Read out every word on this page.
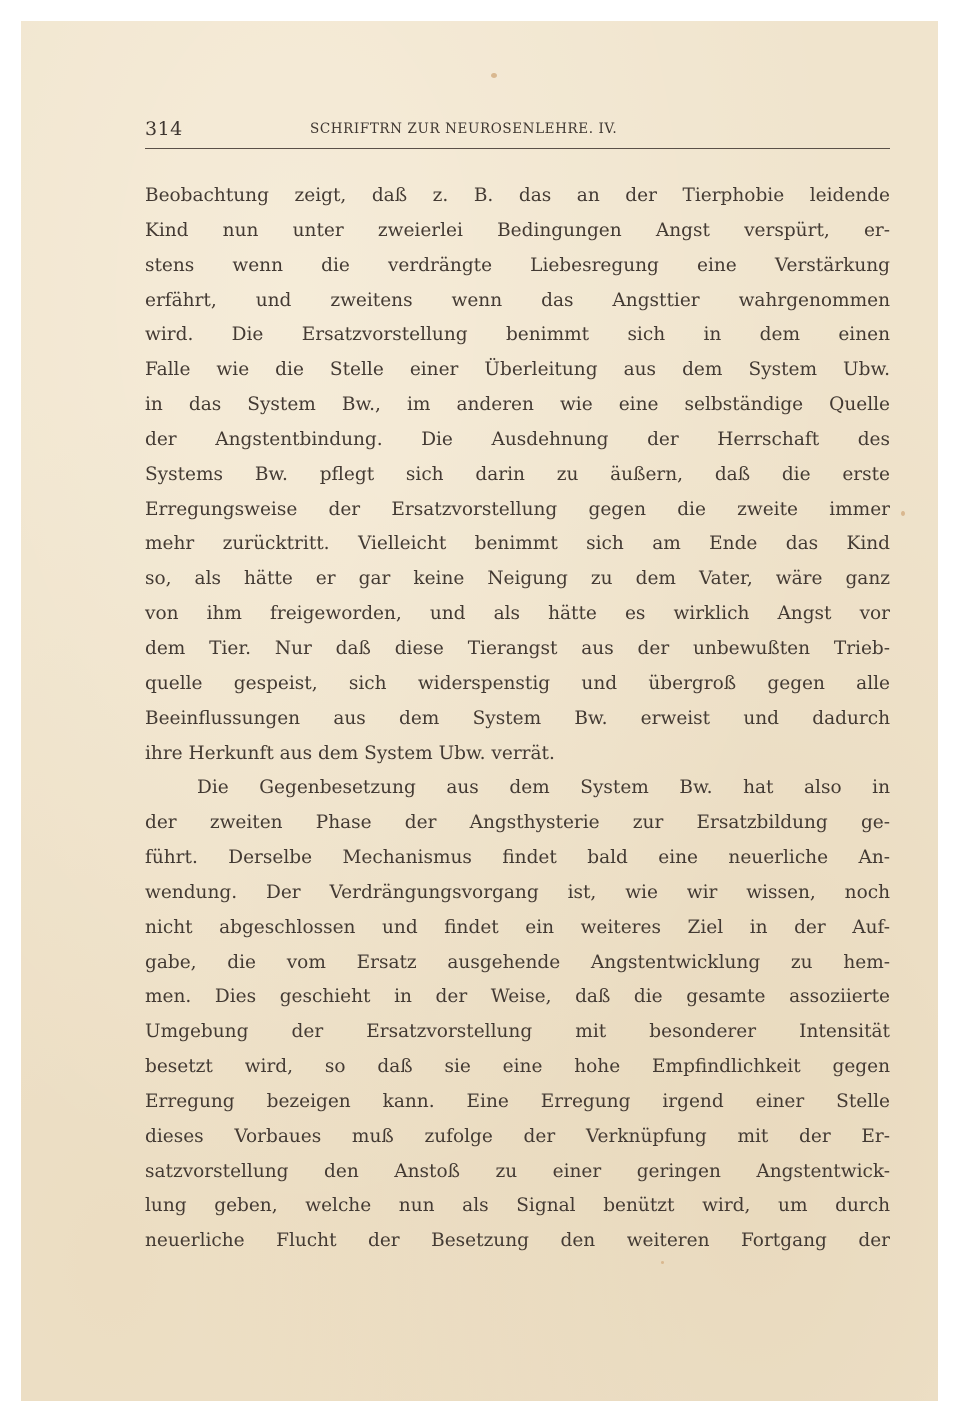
314	SCHRIFTRN ZUR NEUROSENLEHRE. IV.
Beobachtung zeigt, daß z. B. das an der Tierphobie leidende
Kind nun unter zweierlei Bedingungen Angst verspürt, er-
stens wenn die verdrängte Liebesregung eine Verstärkung
erfährt, und zweitens wenn das Angsttier wahrgenommen
wird. Die Ersatzvorstellung benimmt sich in dem einen
Falle wie die Stelle einer Überleitung aus dem System Ubw.
in das System Bw., im anderen wie eine selbständige Quelle
der Angstentbindung. Die Ausdehnung der Herrschaft des
Systems Bw. pflegt sich darin zu äußern, daß die erste
Erregungsweise der Ersatzvorstellung gegen die zweite immer
mehr zurücktritt. Vielleicht benimmt sich am Ende das Kind
so, als hätte er gar keine Neigung zu dem Vater, wäre ganz
von ihm freigeworden, und als hätte es wirklich Angst vor
dem Tier. Nur daß diese Tierangst aus der unbewußten Trieb-
quelle gespeist, sich widerspenstig und übergroß gegen alle
Beeinflussungen aus dem System Bw. erweist und dadurch
ihre Herkunft aus dem System Ubw. verrät.
Die Gegenbesetzung aus dem System Bw. hat also in
der zweiten Phase der Angsthysterie zur Ersatzbildung ge-
führt. Derselbe Mechanismus findet bald eine neuerliche An-
wendung. Der Verdrängungsvorgang ist, wie wir wissen, noch
nicht abgeschlossen und findet ein weiteres Ziel in der Auf-
gabe, die vom Ersatz ausgehende Angstentwicklung zu hem-
men. Dies geschieht in der Weise, daß die gesamte assoziierte
Umgebung der Ersatzvorstellung mit besonderer Intensität
besetzt wird, so daß sie eine hohe Empfindlichkeit gegen
Erregung bezeigen kann. Eine Erregung irgend einer Stelle
dieses Vorbaues muß zufolge der Verknüpfung mit der Er-
satzvorstellung den Anstoß zu einer geringen Angstentwick-
lung geben, welche nun als Signal benützt wird, um durch
neuerliche Flucht der Besetzung den weiteren Fortgang der
